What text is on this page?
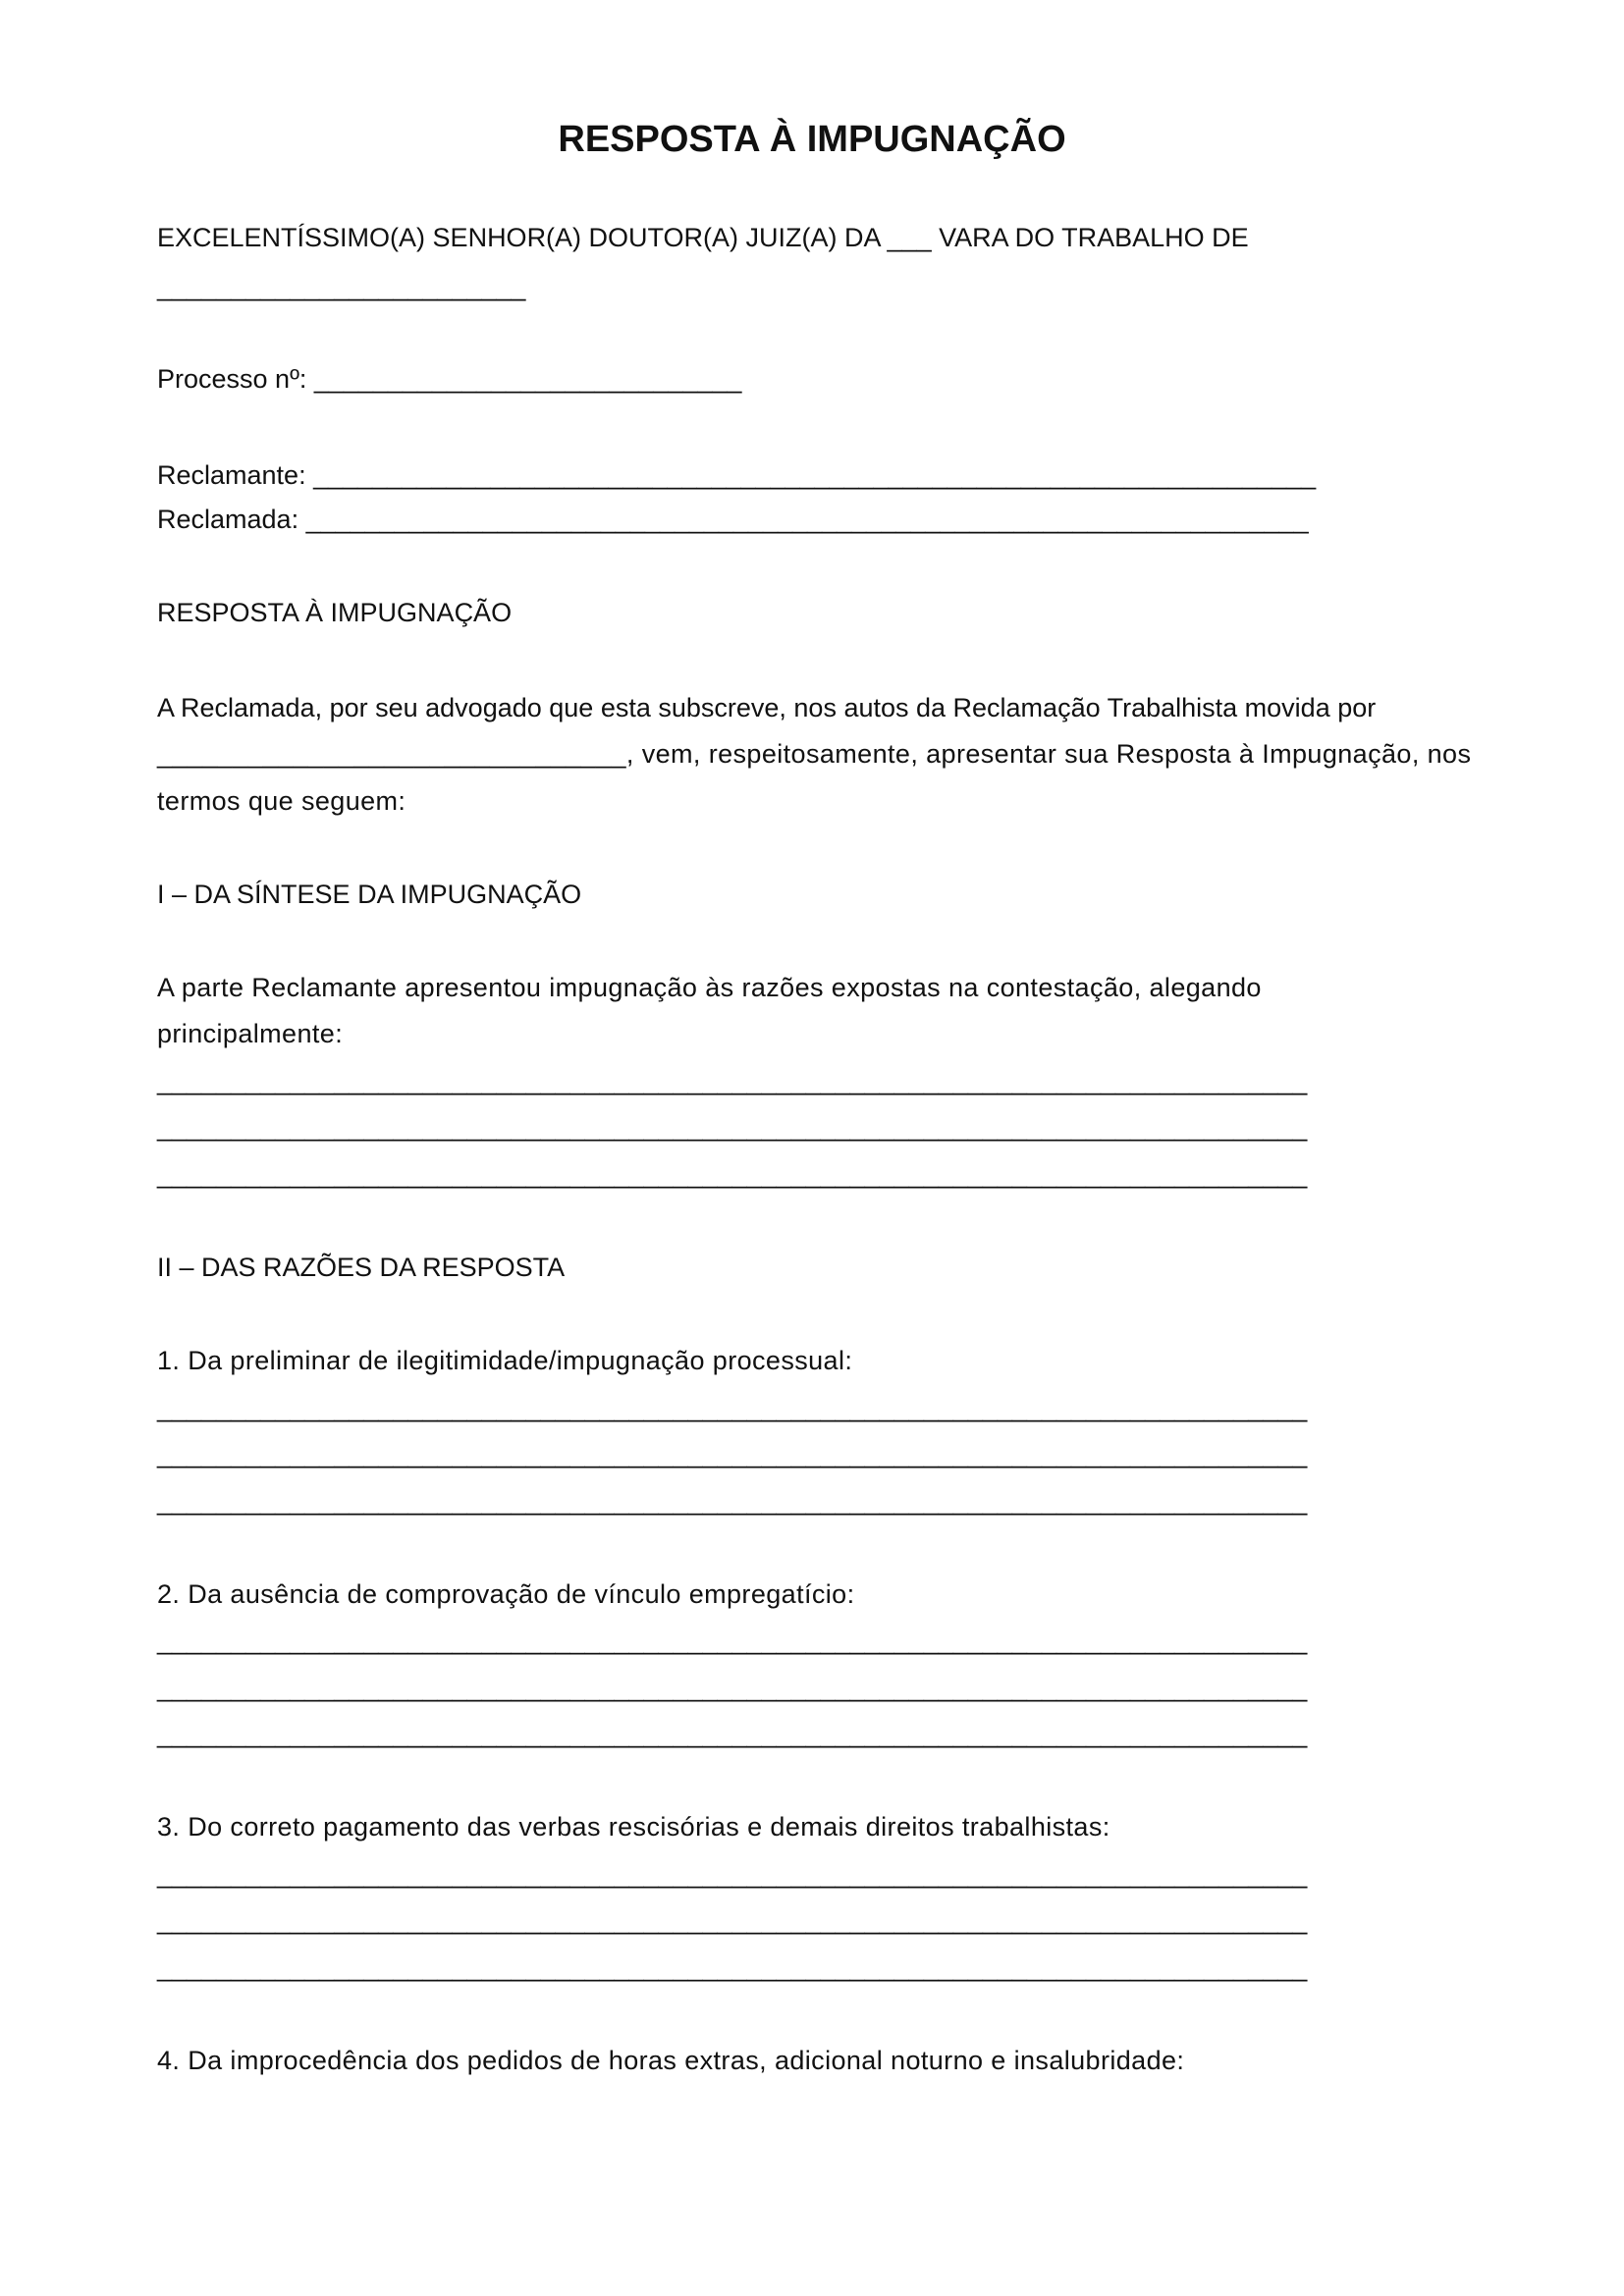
RESPOSTA À IMPUGNAÇÃO

EXCELENTÍSSIMO(A) SENHOR(A) DOUTOR(A) JUIZ(A) DA ___ VARA DO TRABALHO DE

_________________________

Processo nº: _____________________________

Reclamante: ____________________________________________________________________

Reclamada: ____________________________________________________________________

RESPOSTA À IMPUGNAÇÃO

A Reclamada, por seu advogado que esta subscreve, nos autos da Reclamação Trabalhista movida por

_______________________________, vem, respeitosamente, apresentar sua Resposta à Impugnação, nos

termos que seguem:

I – DA SÍNTESE DA IMPUGNAÇÃO

A parte Reclamante apresentou impugnação às razões expostas na contestação, alegando

principalmente:

______________________________________________________________________________

______________________________________________________________________________

______________________________________________________________________________

II – DAS RAZÕES DA RESPOSTA

1. Da preliminar de ilegitimidade/impugnação processual:

______________________________________________________________________________

______________________________________________________________________________

______________________________________________________________________________

2. Da ausência de comprovação de vínculo empregatício:

______________________________________________________________________________

______________________________________________________________________________

______________________________________________________________________________

3. Do correto pagamento das verbas rescisórias e demais direitos trabalhistas:

______________________________________________________________________________

______________________________________________________________________________

______________________________________________________________________________

4. Da improcedência dos pedidos de horas extras, adicional noturno e insalubridade:
